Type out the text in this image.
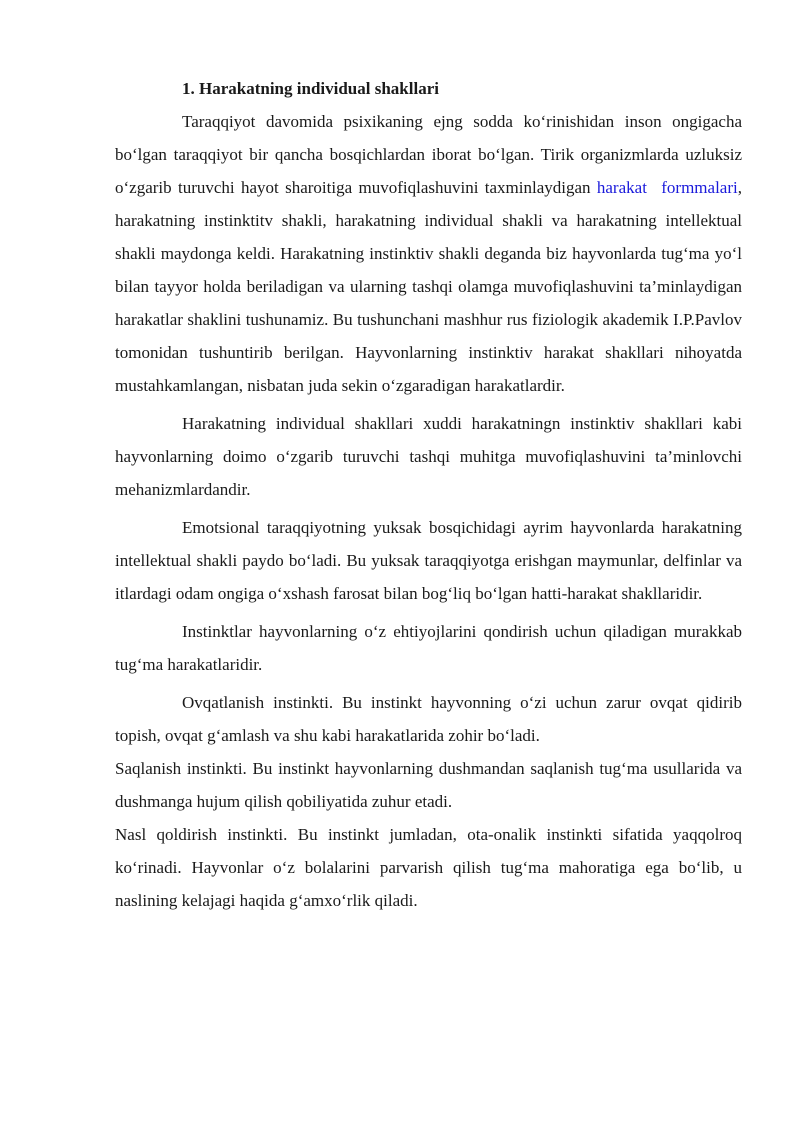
1. Harakatning individual shakllari

Taraqqiyot davomida psixikaning ejng sodda ko‘rinishidan inson ongigacha bo‘lgan taraqqiyot bir qancha bosqichlardan iborat bo‘lgan. Tirik organizmlarda uzluksiz o‘zgarib turuvchi hayot sharoitiga muvofiqlashuvini taxminlaydigan harakat formmalari, harakatning instinktitv shakli, harakatning individual shakli va harakatning intellektual shakli maydonga keldi. Harakatning instinktiv shakli deganda biz hayvonlarda tug‘ma yo‘l bilan tayyor holda beriladigan va ularning tashqi olamga muvofiqlashuvini ta’minlaydigan harakatlar shaklini tushunamiz. Bu tushunchani mashhur rus fiziologik akademik I.P.Pavlov tomonidan tushuntirib berilgan. Hayvonlarning instinktiv harakat shakllari nihoyatda mustahkamlangan, nisbatan juda sekin o‘zgaradigan harakatlardir.

Harakatning individual shakllari xuddi harakatningn instinktiv shakllari kabi hayvonlarning doimo o‘zgarib turuvchi tashqi muhitga muvofiqlashuvini ta’minlovchi mehanizmlardandir.

Emotsional taraqqiyotning yuksak bosqichidagi ayrim hayvonlarda harakatning intellektual shakli paydo bo‘ladi. Bu yuksak taraqqiyotga erishgan maymunlar, delfinlar va itlardagi odam ongiga o‘xshash farosat bilan bog‘liq bo‘lgan hatti-harakat shakllaridir.

Instinktlar hayvonlarning o‘z ehtiyojlarini qondirish uchun qiladigan murakkab tug‘ma harakatlaridir.

Ovqatlanish instinkti. Bu instinkt hayvonning o‘zi uchun zarur ovqat qidirib topish, ovqat g‘amlash va shu kabi harakatlarida zohir bo‘ladi.
Saqlanish instinkti. Bu instinkt hayvonlarning dushmandan saqlanish tug‘ma usullarida va dushmanga hujum qilish qobiliyatida zuhur etadi.
Nasl qoldirish instinkti. Bu instinkt jumladan, ota-onalik instinkti sifatida yaqqolroq ko‘rinadi. Hayvonlar o‘z bolalarini parvarish qilish tug‘ma mahoratiga ega bo‘lib, u naslining kelajagi haqida g‘amxo‘rlik qiladi.
